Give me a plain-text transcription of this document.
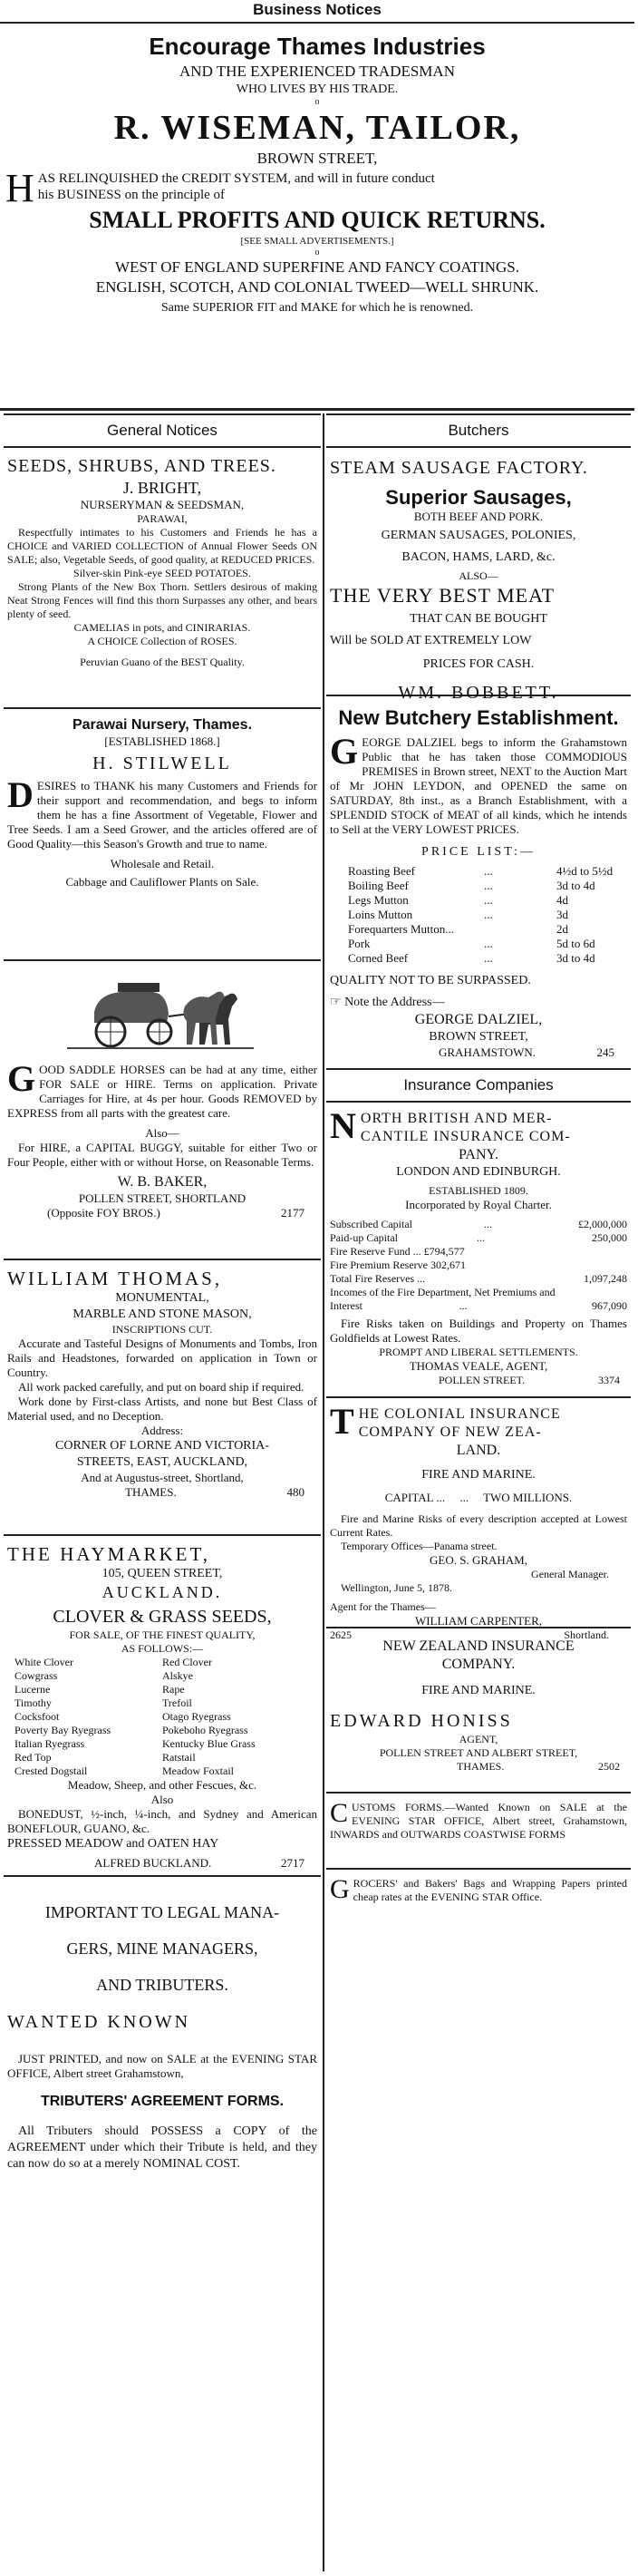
Business Notices

Encourage Thames Industries

AND THE EXPERIENCED TRADESMAN

WHO LIVES BY HIS TRADE.

o

R. WISEMAN, TAILOR,

BROWN STREET,

H AS RELINQUISHED the CREDIT SYSTEM, and will in future conduct

his BUSINESS on the principle of

SMALL PROFITS AND QUICK RETURNS.

[SEE SMALL ADVERTISEMENTS.]

o

WEST OF ENGLAND SUPERFINE AND FANCY COATINGS.

ENGLISH, SCOTCH, AND COLONIAL TWEED—WELL SHRUNK.

Same SUPERIOR FIT and MAKE for which he is renowned.

General Notices

SEEDS, SHRUBS, AND TREES.

J. BRIGHT,

NURSERYMAN & SEEDSMAN,

PARAWAI,

Respectfully intimates to his Customers and Friends he has a CHOICE and VARIED COLLECTION of Annual Flower Seeds ON SALE; also, Vegetable Seeds, of good quality, at REDUCED PRICES.

Silver-skin Pink-eye SEED POTATOES.

Strong Plants of the New Box Thorn. Settlers desirous of making Neat Strong Fences will find this thorn Surpasses any other, and bears plenty of seed.

CAMELIAS in pots, and CINIRARIAS.

A CHOICE Collection of ROSES.

Peruvian Guano of the BEST Quality.

Parawai Nursery, Thames.

[ESTABLISHED 1868.]

H. STILWELL

D ESIRES to THANK his many Customers and Friends for their support and recommendation, and begs to inform them he has a fine Assortment of Vegetable, Flower and Tree Seeds. I am a Seed Grower, and the articles offered are of Good Quality—this Season's Growth and true to name.

Wholesale and Retail.

Cabbage and Cauliflower Plants on Sale.

G OOD SADDLE HORSES can be had at any time, either FOR SALE or HIRE. Terms on application. Private Carriages for Hire, at 4s per hour. Goods REMOVED by EXPRESS from all parts with the greatest care.

Also—

For HIRE, a CAPITAL BUGGY, suitable for either Two or Four People, either with or without Horse, on Reasonable Terms.

W. B. BAKER,

POLLEN STREET, SHORTLAND

(Opposite FOY BROS.)	2177

WILLIAM THOMAS,

MONUMENTAL,

MARBLE AND STONE MASON,

INSCRIPTIONS CUT.

Accurate and Tasteful Designs of Monuments and Tombs, Iron Rails and Headstones, forwarded on application in Town or Country.

All work packed carefully, and put on board ship if required.

Work done by First-class Artists, and none but Best Class of Material used, and no Deception.

Address:

CORNER OF LORNE AND VICTORIA-

STREETS, EAST, AUCKLAND,

And at Augustus-street, Shortland,

THAMES.	480

THE HAYMARKET,

105, QUEEN STREET,

AUCKLAND.

CLOVER & GRASS SEEDS,

FOR SALE, OF THE FINEST QUALITY,

AS FOLLOWS:—

White Clover	Red Clover
Cowgrass	Alskye
Lucerne	Rape
Timothy	Trefoil
Cocksfoot	Otago Ryegrass
Poverty Bay Ryegrass	Pokeboho Ryegrass
Italian Ryegrass	Kentucky Blue Grass
Red Top	Ratstail
Crested Dogstail	Meadow Foxtail

Meadow, Sheep, and other Fescues, &c.

Also

BONEDUST, ½-inch, ¼-inch, and Sydney and American BONEFLOUR, GUANO, &c.

PRESSED MEADOW and OATEN HAY

ALFRED BUCKLAND.	2717

IMPORTANT TO LEGAL MANA-

GERS, MINE MANAGERS,

AND TRIBUTERS.

WANTED KNOWN

JUST PRINTED, and now on SALE at the EVENING STAR OFFICE, Albert street Grahamstown,

TRIBUTERS' AGREEMENT FORMS.

All Tributers should POSSESS a COPY of the AGREEMENT under which their Tribute is held, and they can now do so at a merely NOMINAL COST.

Butchers

STEAM SAUSAGE FACTORY.

Superior Sausages,

BOTH BEEF AND PORK.

GERMAN SAUSAGES, POLONIES,

BACON, HAMS, LARD, &c.

ALSO—

THE VERY BEST MEAT

THAT CAN BE BOUGHT

Will be SOLD AT EXTREMELY LOW

PRICES FOR CASH.

WM. BOBBETT.

New Butchery Establishment.

G EORGE DALZIEL begs to inform the Grahamstown Public that he has taken those COMMODIOUS PREMISES in Brown street, NEXT to the Auction Mart of Mr JOHN LEYDON, and OPENED the same on SATURDAY, 8th inst., as a Branch Establishment, with a SPLENDID STOCK of MEAT of all kinds, which he intends to Sell at the VERY LOWEST PRICES.

PRICE LIST:—

Roasting Beef	...	4½d to 5½d
Boiling Beef	...	3d to 4d
Legs Mutton	...	4d
Loins Mutton	...	3d
Forequarters Mutton...	2d
Pork	...	5d to 6d
Corned Beef	...	3d to 4d

QUALITY NOT TO BE SURPASSED.

☞ Note the Address—

GEORGE DALZIEL,

BROWN STREET,

GRAHAMSTOWN.	245
Insurance Companies
N ORTH BRITISH AND MER-

CANTILE INSURANCE COM-

PANY.

LONDON AND EDINBURGH.

ESTABLISHED 1809.

Incorporated by Royal Charter.

Subscribed Capital	...	£2,000,000
Paid-up Capital	...	250,000
Fire Reserve Fund ... £794,577
Fire Premium Reserve 302,671
Total Fire Reserves ...	1,097,248
Incomes of the Fire Department, Net Premiums and
Interest	...	967,090

Fire Risks taken on Buildings and Property on Thames Goldfields at Lowest Rates.

PROMPT AND LIBERAL SETTLEMENTS.

THOMAS VEALE, AGENT,

POLLEN STREET.	3374
T HE COLONIAL INSURANCE

COMPANY OF NEW ZEA-

LAND.

FIRE AND MARINE.

CAPITAL ...     ...     TWO MILLIONS.

Fire and Marine Risks of every description accepted at Lowest Current Rates.

Temporary Offices—Panama street.

GEO. S. GRAHAM,

General Manager.

Wellington, June 5, 1878.

Agent for the Thames—

WILLIAM CARPENTER,

2625	Shortland.

NEW ZEALAND INSURANCE

COMPANY.

FIRE AND MARINE.

EDWARD HONISS

AGENT,

POLLEN STREET AND ALBERT STREET,

THAMES.	2502
C USTOMS FORMS.—Wanted Known on SALE at the EVENING STAR OFFICE, Albert street, Grahamstown, INWARDS and OUTWARDS COASTWISE FORMS
G ROCERS' and Bakers' Bags and Wrapping Papers printed cheap rates at the EVENING STAR Office.
